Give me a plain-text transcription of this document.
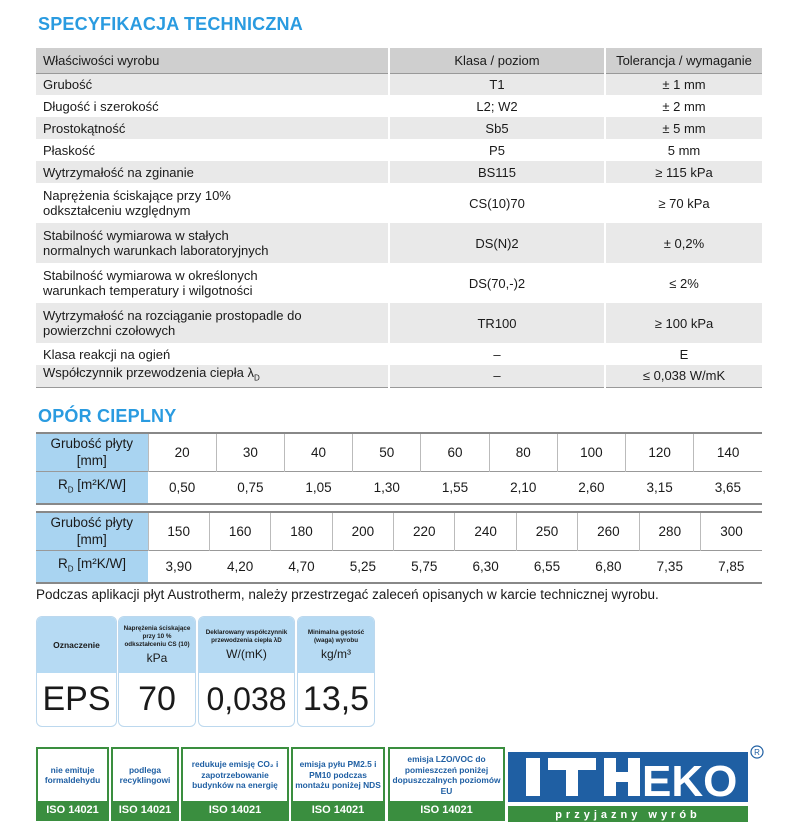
SPECYFIKACJA TECHNICZNA
Właściwości wyrobu	Klasa / poziom	Tolerancja / wymaganie
Grubość	T1	± 1 mm
Długość i szerokość	L2; W2	± 2 mm
Prostokątność	Sb5	± 5 mm
Płaskość	P5	5 mm
Wytrzymałość na zginanie	BS115	≥ 115 kPa
Naprężenia ściskające przy 10% odkształceniu względnym	CS(10)70	≥ 70 kPa
Stabilność wymiarowa w stałych normalnych warunkach laboratoryjnych	DS(N)2	± 0,2%
Stabilność wymiarowa w określonych warunkach temperatury i wilgotności	DS(70,-)2	≤ 2%
Wytrzymałość na rozciąganie prostopadle do powierzchni czołowych	TR100	≥ 100 kPa
Klasa reakcji na ogień	–	E
Współczynnik przewodzenia ciepła $\lambda_D$	–	≤ 0,038 W/mK
OPÓR CIEPLNY
Grubość płyty [mm]	20	30	40	50	60	80	100	120	140
$R_D$ [m²K/W]	0,50	0,75	1,05	1,30	1,55	2,10	2,60	3,15	3,65
Grubość płyty [mm]	150	160	180	200	220	240	250	260	280	300
$R_D$ [m²K/W]	3,90	4,20	4,70	5,25	5,75	6,30	6,55	6,80	7,35	7,85
Podczas aplikacji płyt Austrotherm, należy przestrzegać zaleceń opisanych w karcie technicznej wyrobu.
Oznaczenie
EPS
Naprężenia ściskające przy 10 % odkształceniu CS (10)
kPa
70
Deklarowany współczynnik przewodzenia ciepła λD
W/(mK)
0,038
Minimalna gęstość (waga) wyrobu
kg/m³
13,5
nie emituje formaldehydu
ISO 14021
podlega recyklingowi
ISO 14021
redukuje emisję CO₂ i zapotrzebowanie budynków na energię
ISO 14021
emisja pyłu PM2.5 i PM10 podczas montażu poniżej NDS
ISO 14021
emisja LZO/VOC do pomieszczeń poniżej dopuszczalnych poziomów EU
ISO 14021
EKO
R
przyjazny wyrób
